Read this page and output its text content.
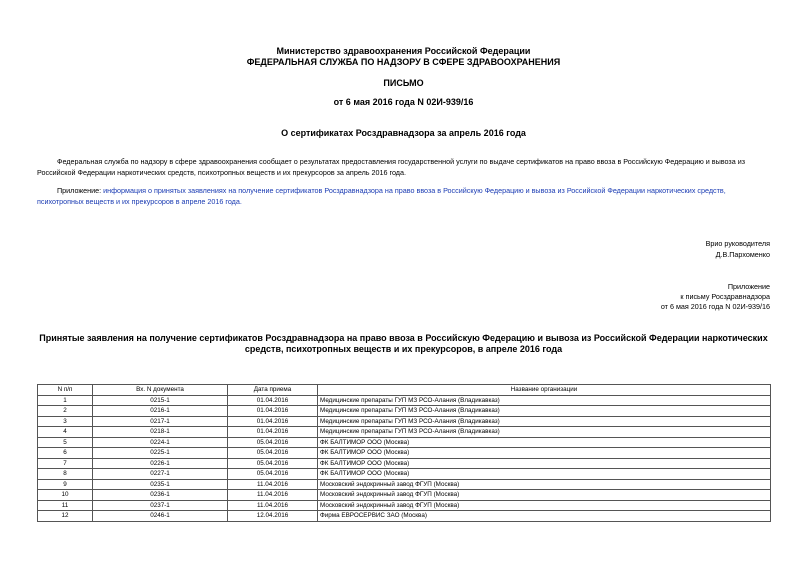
Министерство здравоохранения Российской Федерации
ФЕДЕРАЛЬНАЯ СЛУЖБА ПО НАДЗОРУ В СФЕРЕ ЗДРАВООХРАНЕНИЯ
ПИСЬМО
от 6 мая 2016 года N 02И-939/16
О сертификатах Росздравнадзора за апрель 2016 года
Федеральная служба по надзору в сфере здравоохранения сообщает о результатах предоставления государственной услуги по выдаче сертификатов на право ввоза в Российскую Федерацию и вывоза из Российской Федерации наркотических средств, психотропных веществ и их прекурсоров за апрель 2016 года.
Приложение: информация о принятых заявлениях на получение сертификатов Росздравнадзора на право ввоза в Российскую Федерацию и вывоза из Российской Федерации наркотических средств, психотропных веществ и их прекурсоров в апреле 2016 года.
Врио руководителя
Д.В.Пархоменко
Приложение
к письму Росздравнадзора
от 6 мая 2016 года N 02И-939/16
Принятые заявления на получение сертификатов Росздравнадзора на право ввоза в Российскую Федерацию и вывоза из Российской Федерации наркотических средств, психотропных веществ и их прекурсоров, в апреле 2016 года
N п/п	Вх. N документа	Дата приема	Название организации
1	0215-1	01.04.2016	Медицинские препараты ГУП МЗ РСО-Алания (Владикавказ)
2	0216-1	01.04.2016	Медицинские препараты ГУП МЗ РСО-Алания (Владикавказ)
3	0217-1	01.04.2016	Медицинские препараты ГУП МЗ РСО-Алания (Владикавказ)
4	0218-1	01.04.2016	Медицинские препараты ГУП МЗ РСО-Алания (Владикавказ)
5	0224-1	05.04.2016	ФК БАЛТИМОР ООО (Москва)
6	0225-1	05.04.2016	ФК БАЛТИМОР ООО (Москва)
7	0226-1	05.04.2016	ФК БАЛТИМОР ООО (Москва)
8	0227-1	05.04.2016	ФК БАЛТИМОР ООО (Москва)
9	0235-1	11.04.2016	Московский эндокринный завод ФГУП (Москва)
10	0236-1	11.04.2016	Московский эндокринный завод ФГУП (Москва)
11	0237-1	11.04.2016	Московский эндокринный завод ФГУП (Москва)
12	0246-1	12.04.2016	Фирма ЕВРОСЕРВИС ЗАО (Москва)
